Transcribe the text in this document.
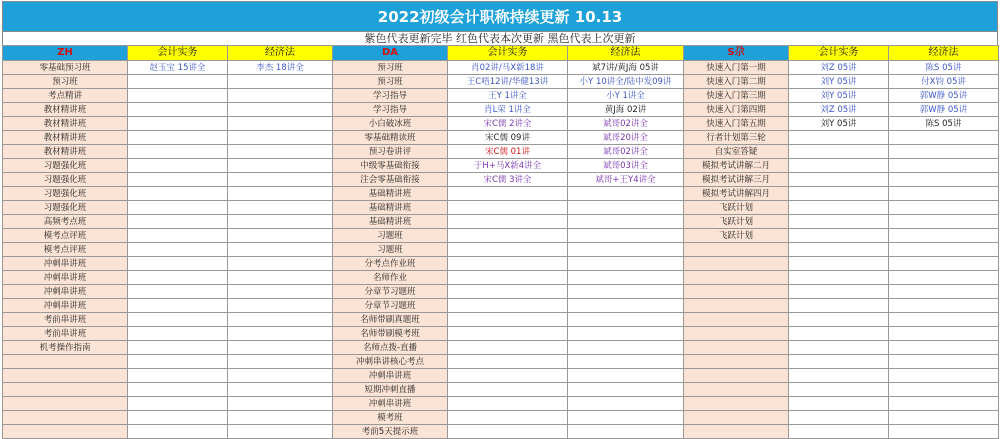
2022初级会计职称持续更新 10.13
紫色代表更新完毕 红色代表本次更新 黑色代表上次更新
ZH	会计实务	经济法	DA	会计实务	经济法	S尕	会计实务	经济法
零基础预习班	赵玉宝 15讲全	李杰 18讲全	预习班	肖02讲/马X新18讲	斌7讲/黄J海 05讲	快速入门第一期	刘Z 05讲	陈S 05讲
预习班			预习班	王C唔12讲/华健13讲	小Y 10讲全/陆中发09讲	快速入门第二期	刘Y 05讲	付X钧 05讲
考点精讲			学习指导	王Y 1讲全	小Y 1讲全	快速入门第三期	刘Y 05讲	郭W静 05讲
教材精讲班			学习指导	肖L荣 1讲全	黄J海 02讲	快速入门第四期	刘Z 05讲	郭W静 05讲
教材精讲班			小白破冰班	宋C儒 2讲全	斌哥02讲全	快速入门第五期	刘Y 05讲	陈S 05讲
教材精讲班			零基础精读班	宋C儒 09讲	斌哥20讲全	行者计划第三轮		
教材精讲班			预习卷讲评	宋C儒 01讲	斌哥02讲全	自实室答疑		
习题强化班			中级零基础衔接	于H+马X新4讲全	斌哥03讲全	模拟考试讲解二月		
习题强化班			注会零基础衔接	宋C儒 3讲全	斌哥+王Y4讲全	模拟考试讲解三月		
习题强化班			基础精讲班			模拟考试讲解四月		
习题强化班			基础精讲班			飞跃计划		
高频考点班			基础精讲班			飞跃计划		
模考点评班			习题班			飞跃计划		
模考点评班			习题班					
冲刺串讲班			分考点作业班					
冲刺串讲班			名师作业					
冲刺串讲班			分章节习题班					
冲刺串讲班			分章节习题班					
考前串讲班			名师带刷真题班					
考前串讲班			名师带刷模考班					
机考操作指南			名师点拨-直播					
			冲刺串讲核心考点					
			冲刺串讲班					
			短期冲刺直播					
			冲刺串讲班					
			模考班					
			考前5天提示班					
